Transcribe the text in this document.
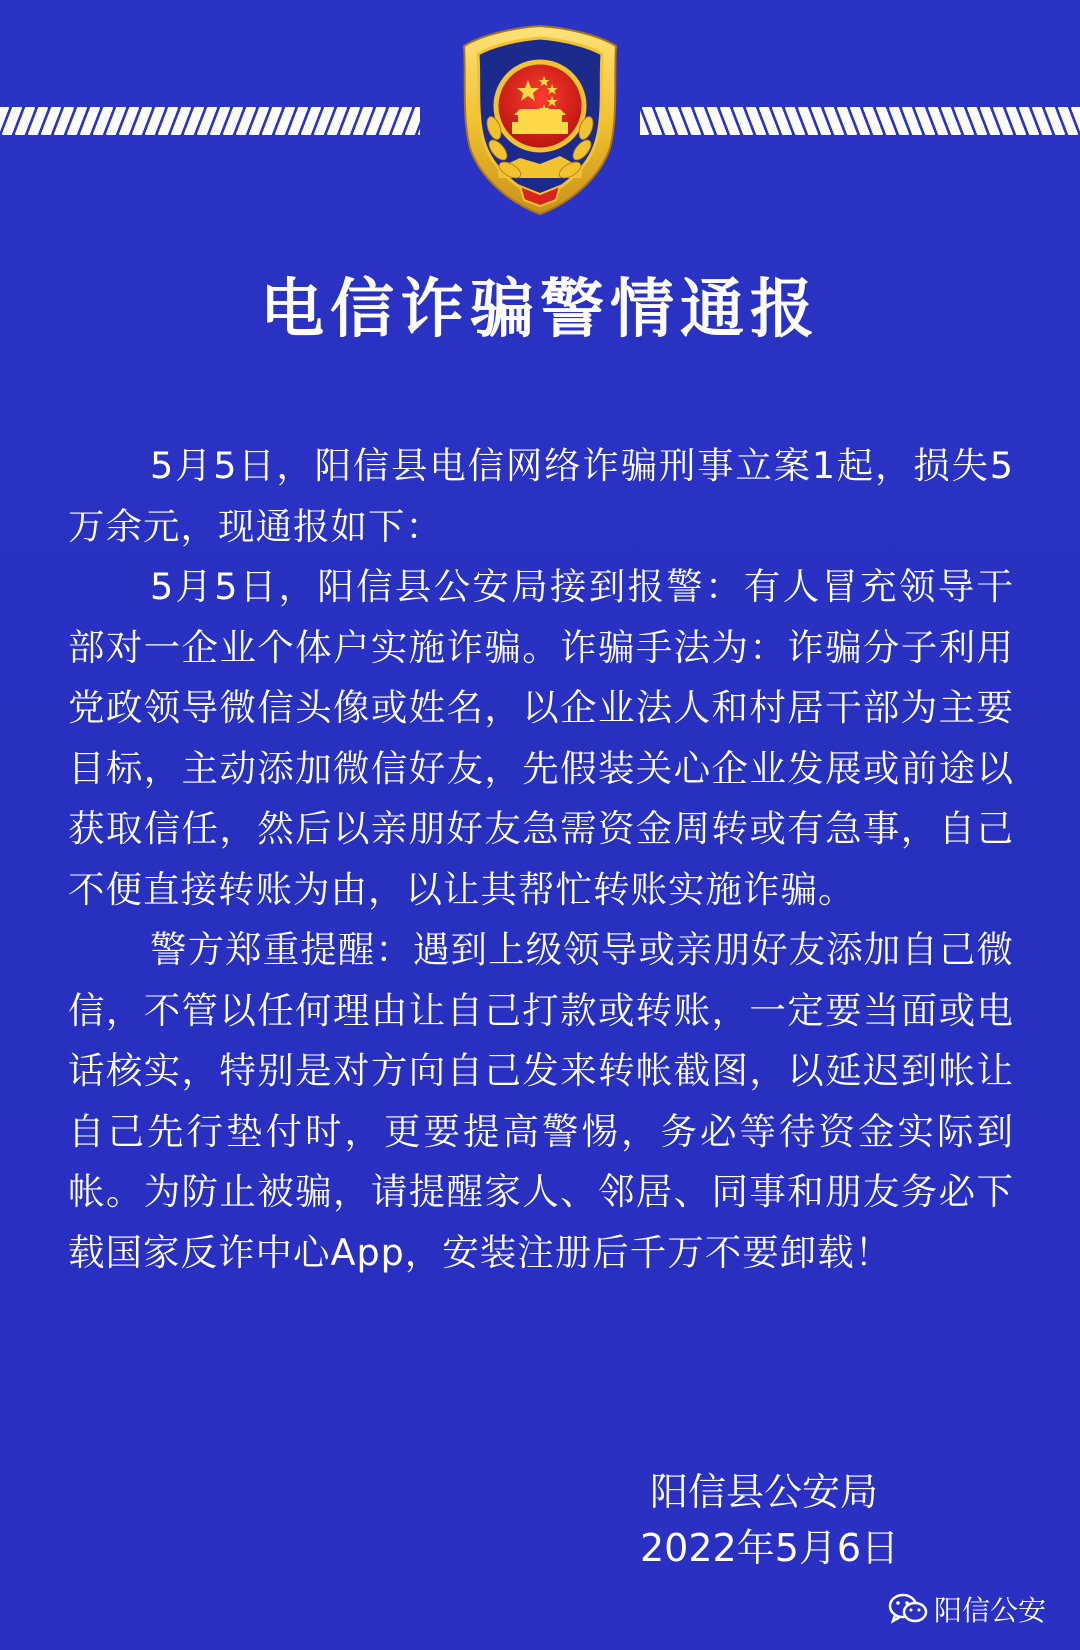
电信诈骗警情通报

5月5日，阳信县电信网络诈骗刑事立案1起，损失5万余元，现通报如下：

5月5日，阳信县公安局接到报警：有人冒充领导干部对一企业个体户实施诈骗。诈骗手法为：诈骗分子利用党政领导微信头像或姓名，以企业法人和村居干部为主要目标，主动添加微信好友，先假装关心企业发展或前途以获取信任，然后以亲朋好友急需资金周转或有急事，自己不便直接转账为由，以让其帮忙转账实施诈骗。

警方郑重提醒：遇到上级领导或亲朋好友添加自己微信，不管以任何理由让自己打款或转账，一定要当面或电话核实，特别是对方向自己发来转帐截图，以延迟到帐让自己先行垫付时，更要提高警惕，务必等待资金实际到帐。为防止被骗，请提醒家人、邻居、同事和朋友务必下载国家反诈中心App，安装注册后千万不要卸载！

阳信县公安局
2022年5月6日
阳信公安
